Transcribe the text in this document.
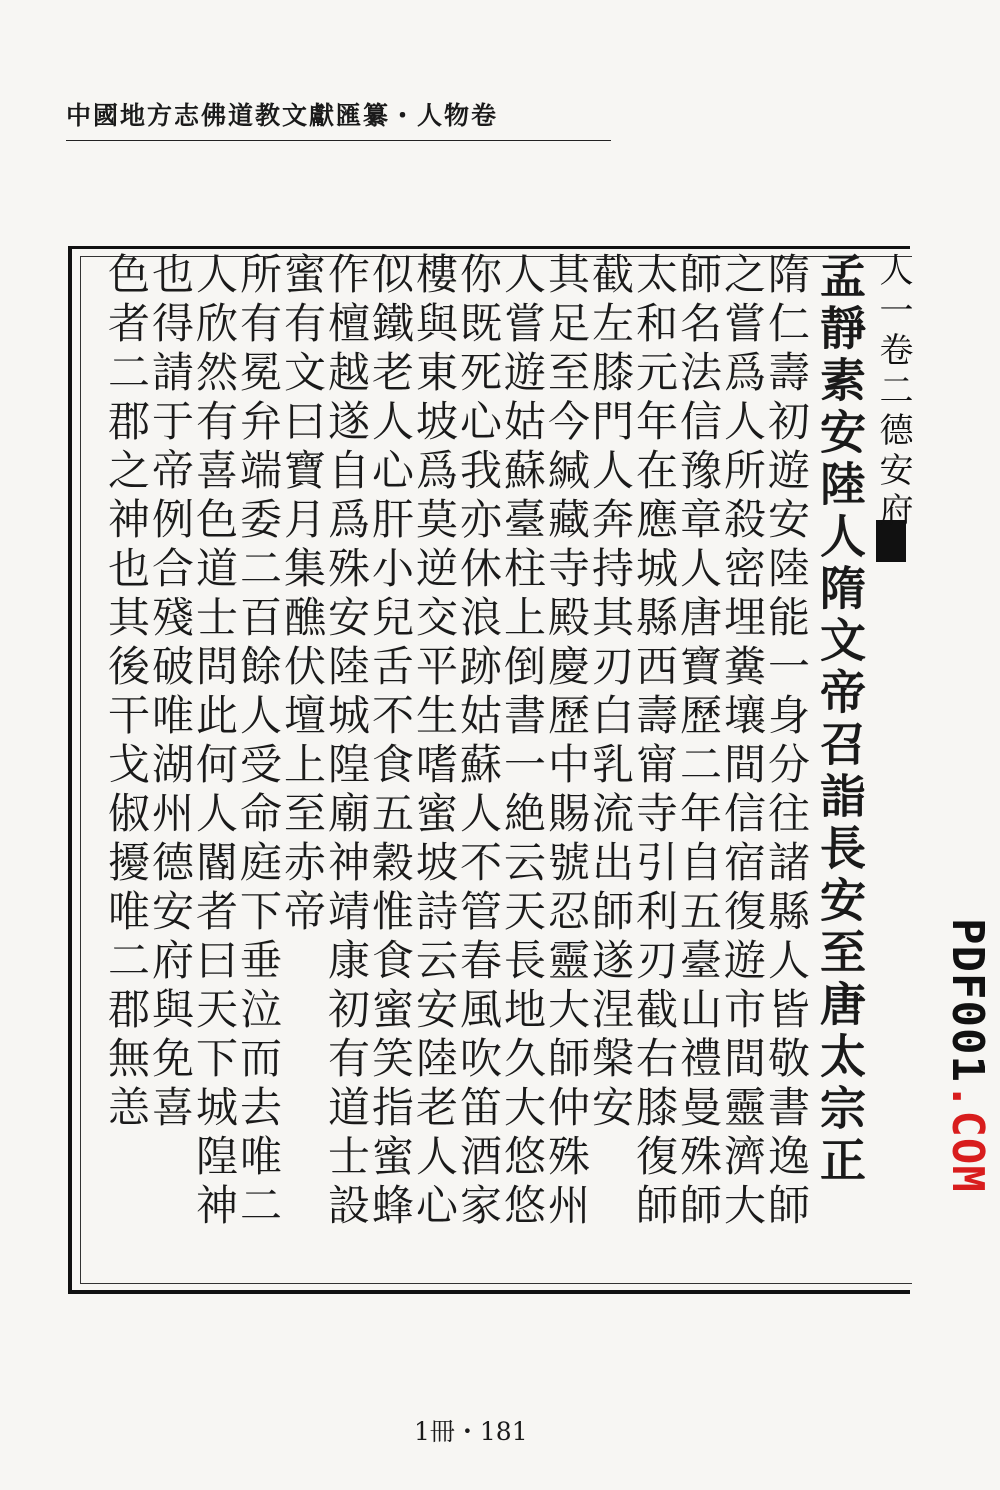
中國地方志佛道教文獻匯纂・人物卷
孟靜素安陸人隋文帝召詣長安至唐太宗正
隋仁壽初遊安陸能一身分往諸縣人皆敬書逸師
之嘗爲人所殺密埋糞壤間信宿復遊市間靈濟大
師名法信豫章人唐寶歷二年自五臺山禮曼殊師
太和元年在應城縣西壽甯寺引利刃截右膝復師
截左膝門人奔持其刃白乳流出師遂涅槃安
其足至今緘藏寺殿慶歷中賜號忍靈大師仲殊州
人嘗遊姑蘇臺柱上倒書一絶云天長地久大悠悠
你既死心我亦休浪跡姑蘇人不管春風吹笛酒家
樓與東坡爲莫逆交平生嗜蜜坡詩云安陸老人心
似鐵老人心肝小兒舌不食五穀惟食蜜笑指蜜蜂
作檀越遂自爲殊安陸城隍廟神靖康初有道士設
蜜有文曰寶月集醮伏壇上至赤帝
所有冕弁端委二百餘人受命庭下垂泣而去唯二
人欣然有喜色道士問此何人閽者曰天下城隍神
也得請于帝例合殘破唯湖州德安府與免喜
色者二郡之神也其後干戈俶擾唯二郡無恙	人一卷二德安府
1冊・181
PDF001.COM
